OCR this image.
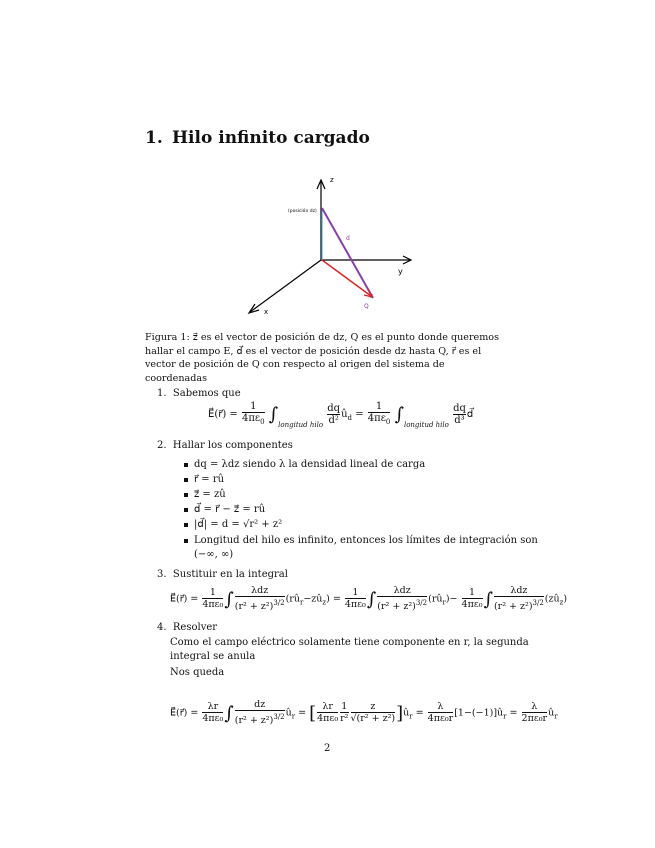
1. Hilo infinito cargado
z
x
y
(posición dz)
d
r
Q
Figura 1: z⃗ es el vector de posición de dz, Q es el punto donde queremos hallar el campo E, d⃗ es el vector de posición desde dz hasta Q, r⃗ es el vector de posición de Q con respecto al origen del sistema de coordenadas
1. Sabemos que
E⃗(r⃗) = $\frac{1}{4\pi\varepsilon_0} \int_{longitud hilo} \frac{dq}{\text{d²}}$ $û_d = \frac{1}{4\pi\varepsilon_0} \int_{longitud hilo} \frac{dq}{\text{d³}}$ d⃗
2. Hallar los componentes
dq = λdz siendo λ la densidad lineal de carga
r⃗ = rû
z⃗ = zû
d⃗ = r⃗ − z⃗ = rû
|d⃗| = d = √r² + z²
Longitud del hilo es infinito, entonces los límites de integración son
(−∞, ∞)
3. Sustituir en la integral
E⃗(r⃗) = $\frac{1}{\text{4πε₀}}$ ∫ $\frac{\text{λdz}}{(r^2 + z^2)^{3/2}}$ $(rû_r-zû_z) = \frac{1}{\text{4πε₀}}$ ∫ $\frac{\text{λdz}}{(r^2 + z^2)^{3/2}}$ $(rû_r)- \frac{1}{\text{4πε₀}}$ ∫ $\frac{\text{λdz}}{(r^2 + z^2)^{3/2}}$ $(zû_z)$
4. Resolver
Como el campo eléctrico solamente tiene componente en r, la segunda
integral se anula
Nos queda
E⃗(r⃗) = $\frac{\lambda r}{\text{4πε₀}}$ ∫ $\frac{dz}{(r^2 + z^2)^{3/2}}$ $û_r$ = [ $\frac{\lambda r}{\text{4πε₀}} \frac{1}{\text{r²}} \frac{z}{\text{√(r² + z²)}}$ ]$û_r = \frac{\lambda}{\text{4πε₀r}}$ $[1-(-1)]û_r = \frac{\lambda}{\text{2πε₀r}}$ $û_r$
2
